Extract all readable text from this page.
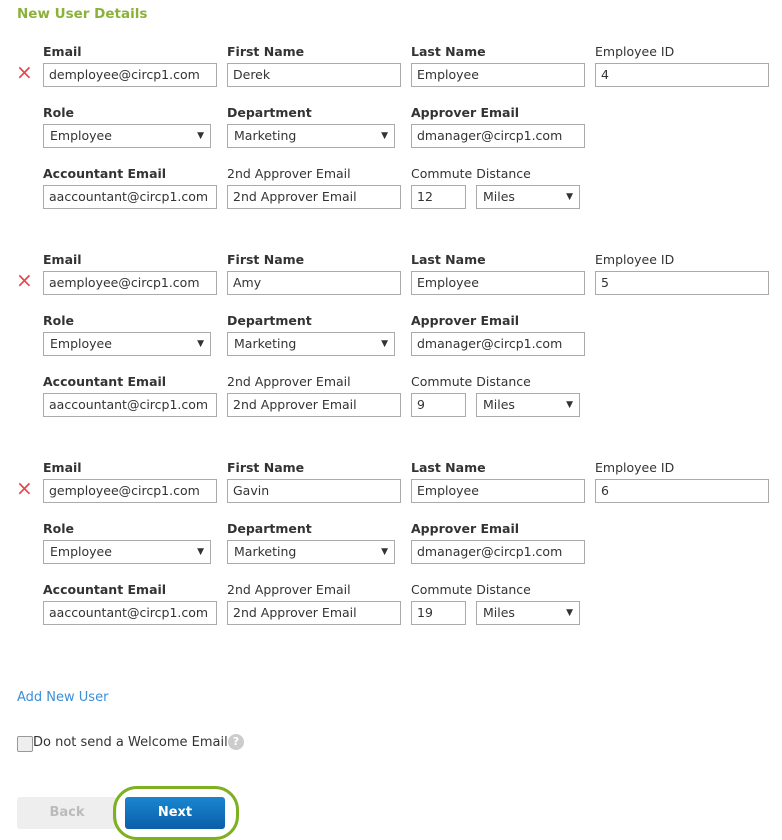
New User Details
×
Email	First Name	Last Name	Employee ID
demployee@circp1.com	Derek	Employee	4
Role	Department	Approver Email
Employee	▼	Marketing	▼	dmanager@circp1.com
Accountant Email	2nd Approver Email	Commute Distance
aaccountant@circp1.com	2nd Approver Email	12	Miles	▼
×
Email	First Name	Last Name	Employee ID
aemployee@circp1.com	Amy	Employee	5
Role	Department	Approver Email
Employee	▼	Marketing	▼	dmanager@circp1.com
Accountant Email	2nd Approver Email	Commute Distance
aaccountant@circp1.com	2nd Approver Email	9	Miles	▼
×
Email	First Name	Last Name	Employee ID
gemployee@circp1.com	Gavin	Employee	6
Role	Department	Approver Email
Employee	▼	Marketing	▼	dmanager@circp1.com
Accountant Email	2nd Approver Email	Commute Distance
aaccountant@circp1.com	2nd Approver Email	19	Miles	▼
Add New User
Do not send a Welcome Email ?
Back	Next
